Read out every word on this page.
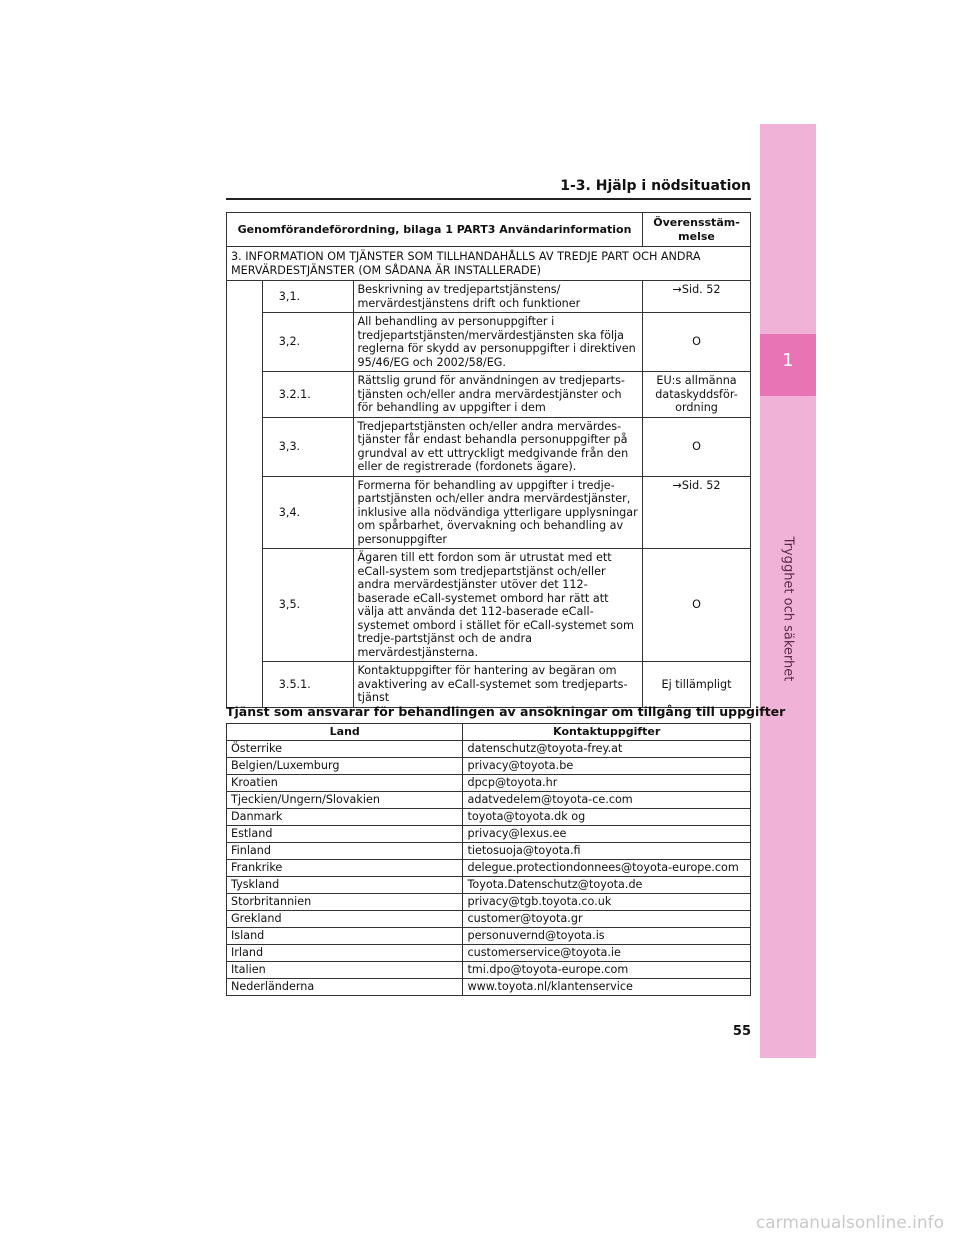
1
Trygghet och säkerhet
1-3. Hjälp i nödsituation
Genomförandeförordning, bilaga 1 PART3 Användarinformation			Överensstäm-melse
3. INFORMATION OM TJÄNSTER SOM TILLHANDAHÅLLS AV TREDJE PART OCH ANDRA MERVÄRDESTJÄNSTER (OM SÅDANA ÄR INSTALLERADE)			
	3,1.	Beskrivning av tredjepartstjänstens/ mervärdestjänstens drift och funktioner	→Sid. 52
	3,2.	All behandling av personuppgifter i tredjepartstjänsten/mervärdestjänsten ska följa reglerna för skydd av personuppgifter i direktiven 95/46/EG och 2002/58/EG.	O
	3.2.1.	Rättslig grund för användningen av tredjeparts-tjänsten och/eller andra mervärdestjänster och för behandling av uppgifter i dem	EU:s allmänna dataskyddsför-ordning
	3,3.	Tredjepartstjänsten och/eller andra mervärdes-tjänster får endast behandla personuppgifter på grundval av ett uttryckligt medgivande från den eller de registrerade (fordonets ägare).	O
	3,4.	Formerna för behandling av uppgifter i tredje-partstjänsten och/eller andra mervärdestjänster, inklusive alla nödvändiga ytterligare upplysningar om spårbarhet, övervakning och behandling av personuppgifter	→Sid. 52
	3,5.	Ägaren till ett fordon som är utrustat med ett eCall-system som tredjepartstjänst och/eller andra mervärdestjänster utöver det 112-baserade eCall-systemet ombord har rätt att välja att använda det 112-baserade eCall-systemet ombord i stället för eCall-systemet som tredje-partstjänst och de andra mervärdestjänsterna.	O
	3.5.1.	Kontaktuppgifter för hantering av begäran om avaktivering av eCall-systemet som tredjeparts-tjänst	Ej tillämpligt
Tjänst som ansvarar för behandlingen av ansökningar om tillgång till uppgifter
Land	Kontaktuppgifter
Österrike	datenschutz@toyota-frey.at
Belgien/Luxemburg	privacy@toyota.be
Kroatien	dpcp@toyota.hr
Tjeckien/Ungern/Slovakien	adatvedelem@toyota-ce.com
Danmark	toyota@toyota.dk og
Estland	privacy@lexus.ee
Finland	tietosuoja@toyota.fi
Frankrike	delegue.protectiondonnees@toyota-europe.com
Tyskland	Toyota.Datenschutz@toyota.de
Storbritannien	privacy@tgb.toyota.co.uk
Grekland	customer@toyota.gr
Island	personuvernd@toyota.is
Irland	customerservice@toyota.ie
Italien	tmi.dpo@toyota-europe.com
Nederländerna	www.toyota.nl/klantenservice
55
carmanualsonline.info
